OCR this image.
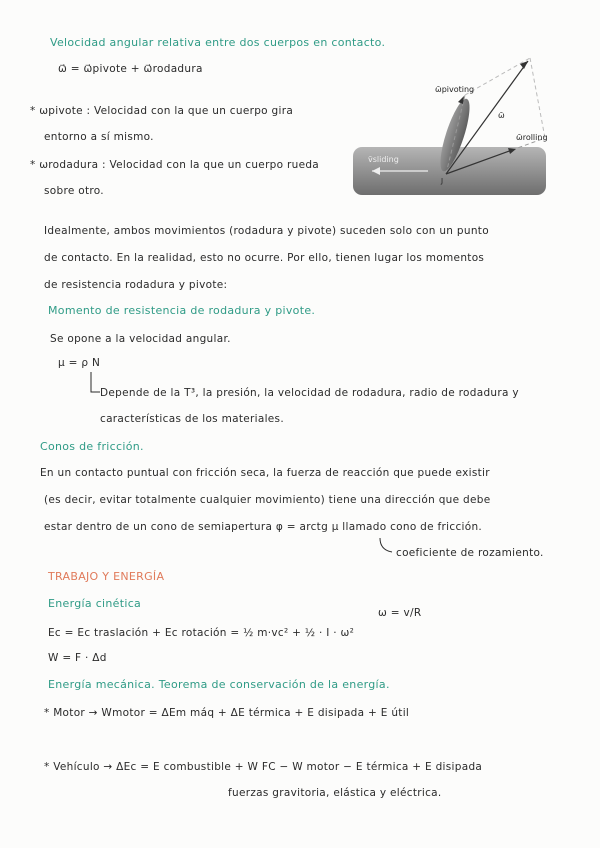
Velocidad angular relativa entre dos cuerpos en contacto.
ω⃗ = ω⃗pivote + ω⃗rodadura
* ωpivote : Velocidad con la que un cuerpo gira
entorno a sí mismo.
* ωrodadura : Velocidad con la que un cuerpo rueda
sobre otro.
ω̄pivoting
ω̄
ω̄rolling
v̄sliding
J
Idealmente, ambos movimientos (rodadura y pivote) suceden solo con un punto
de contacto. En la realidad, esto no ocurre. Por ello, tienen lugar los momentos
de resistencia rodadura y pivote:
Momento de resistencia de rodadura y pivote.
Se opone a la velocidad angular.
μ = ρ N
Depende de la T³, la presión, la velocidad de rodadura, radio de rodadura y
características de los materiales.
Conos de fricción.
En un contacto puntual con fricción seca, la fuerza de reacción que puede existir
(es decir, evitar totalmente cualquier movimiento) tiene una dirección que debe
estar dentro de un cono de semiapertura φ = arctg μ llamado cono de fricción.
coeficiente de rozamiento.
TRABAJO Y ENERGÍA
Energía cinética
Ec = Ec traslación + Ec rotación = ½ m·vc² + ½ · I · ω²
ω = v/R
W = F · Δd
Energía mecánica. Teorema de conservación de la energía.
* Motor → Wmotor = ΔEm máq + ΔE térmica + E disipada + E útil
* Vehículo → ΔEc = E combustible + W FC − W motor − E térmica + E disipada
fuerzas gravitoria, elástica y eléctrica.
